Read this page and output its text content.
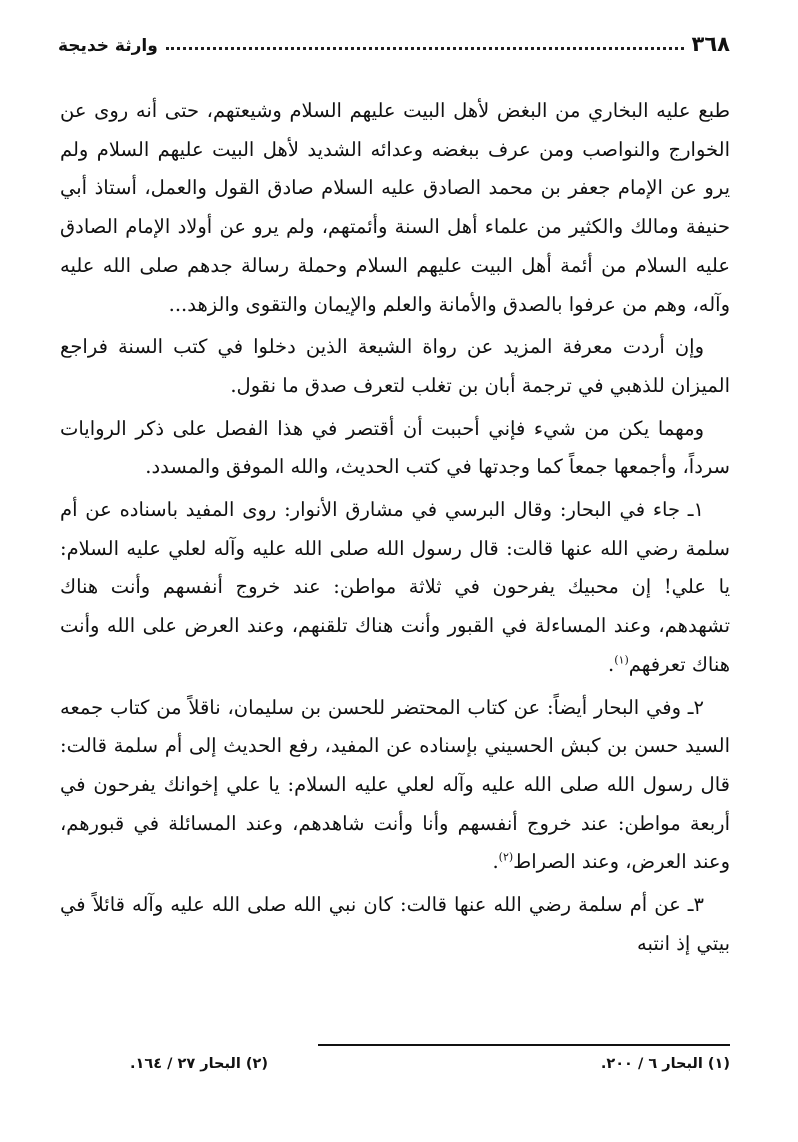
٣٦٨
وارثة خديجة

طبع عليه البخاري من البغض لأهل البيت عليهم السلام وشيعتهم، حتى أنه روى عن الخوارج والنواصب ومن عرف ببغضه وعدائه الشديد لأهل البيت عليهم السلام ولم يرو عن الإمام جعفر بن محمد الصادق عليه السلام صادق القول والعمل، أستاذ أبي حنيفة ومالك والكثير من علماء أهل السنة وأئمتهم، ولم يرو عن أولاد الإمام الصادق عليه السلام من أئمة أهل البيت عليهم السلام وحملة رسالة جدهم صلى الله عليه وآله، وهم من عرفوا بالصدق والأمانة والعلم والإيمان والتقوى والزهد...

وإن أردت معرفة المزيد عن رواة الشيعة الذين دخلوا في كتب السنة فراجع الميزان للذهبي في ترجمة أبان بن تغلب لتعرف صدق ما نقول.

ومهما يكن من شيء فإني أحببت أن أقتصر في هذا الفصل على ذكر الروايات سرداً، وأجمعها جمعاً كما وجدتها في كتب الحديث، والله الموفق والمسدد.

١ـ جاء في البحار: وقال البرسي في مشارق الأنوار: روى المفيد باسناده عن أم سلمة رضي الله عنها قالت: قال رسول الله صلى الله عليه وآله لعلي عليه السلام: يا علي! إن محبيك يفرحون في ثلاثة مواطن: عند خروج أنفسهم وأنت هناك تشهدهم، وعند المساءلة في القبور وأنت هناك تلقنهم، وعند العرض على الله وأنت هناك تعرفهم$^{(١)}$.

٢ـ وفي البحار أيضاً: عن كتاب المحتضر للحسن بن سليمان، ناقلاً من كتاب جمعه السيد حسن بن كبش الحسيني بإسناده عن المفيد، رفع الحديث إلى أم سلمة قالت: قال رسول الله صلى الله عليه وآله لعلي عليه السلام: يا علي إخوانك يفرحون في أربعة مواطن: عند خروج أنفسهم وأنا وأنت شاهدهم، وعند المسائلة في قبورهم، وعند العرض، وعند الصراط$^{(٢)}$.

٣ـ عن أم سلمة رضي الله عنها قالت: كان نبي الله صلى الله عليه وآله قائلاً في بيتي إذ انتبه

(١) البحار ٦ / ٢٠٠.
(٢) البحار ٢٧ / ١٦٤.
